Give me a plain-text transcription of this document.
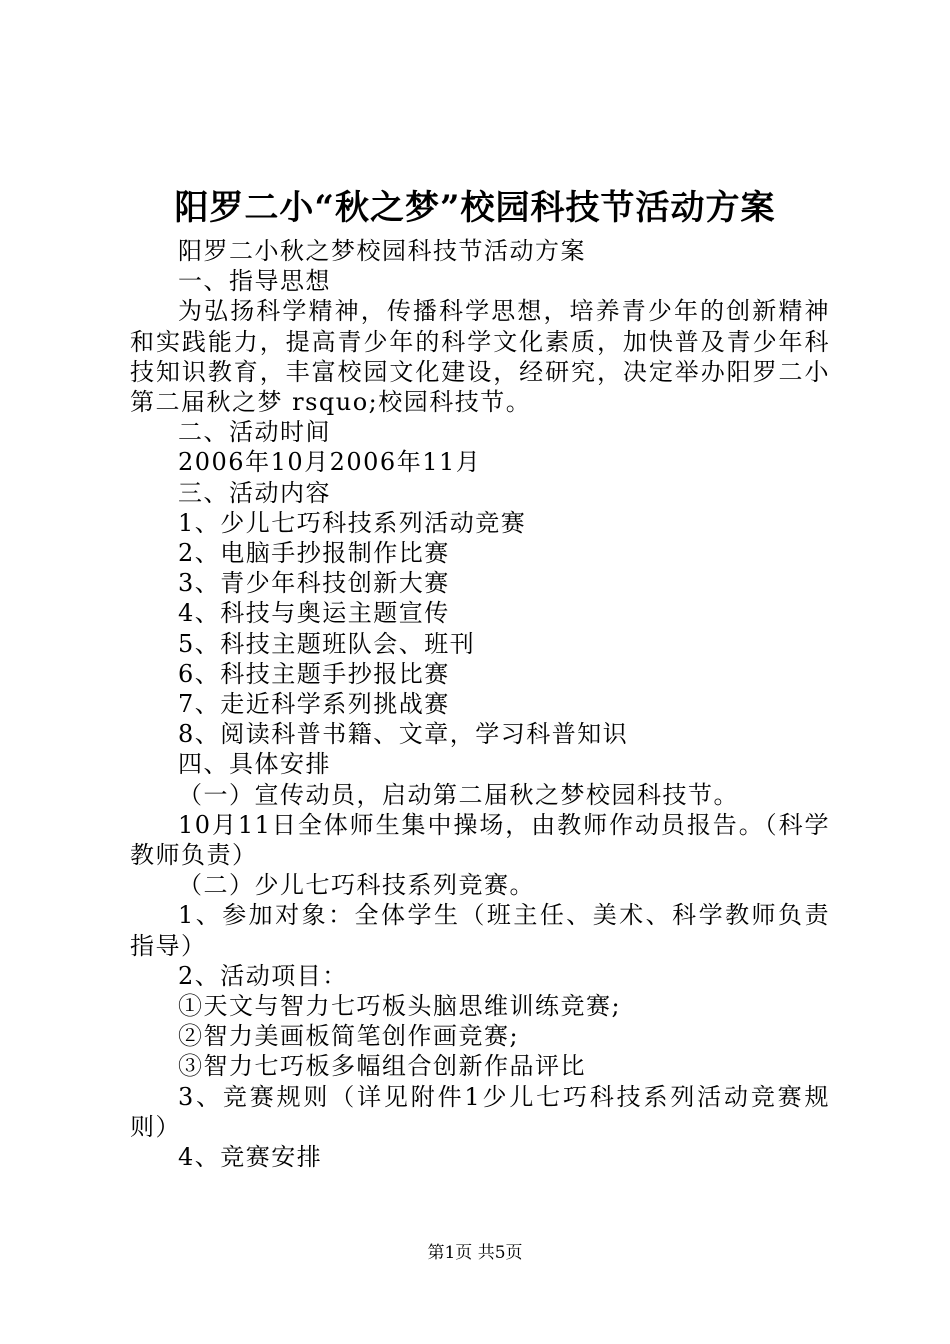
阳罗二小“秋之梦”校园科技节活动方案

阳罗二小秋之梦校园科技节活动方案

一、指导思想

为弘扬科学精神，传播科学思想，培养青少年的创新精神和实践能力，提高青少年的科学文化素质，加快普及青少年科技知识教育，丰富校园文化建设，经研究，决定举办阳罗二小第二届秋之梦 rsquo;校园科技节。

二、活动时间

2006年10月2006年11月

三、活动内容

1、少儿七巧科技系列活动竞赛

2、电脑手抄报制作比赛

3、青少年科技创新大赛

4、科技与奥运主题宣传

5、科技主题班队会、班刊

6、科技主题手抄报比赛

7、走近科学系列挑战赛

8、阅读科普书籍、文章，学习科普知识

四、具体安排

（一）宣传动员，启动第二届秋之梦校园科技节。

10月11日全体师生集中操场，由教师作动员报告。（科学教师负责）

（二）少儿七巧科技系列竞赛。

1、参加对象：全体学生（班主任、美术、科学教师负责指导）

2、活动项目：

①天文与智力七巧板头脑思维训练竞赛;

②智力美画板简笔创作画竞赛;

③智力七巧板多幅组合创新作品评比

3、竞赛规则（详见附件1少儿七巧科技系列活动竞赛规则）

4、竞赛安排

第1页 共5页
